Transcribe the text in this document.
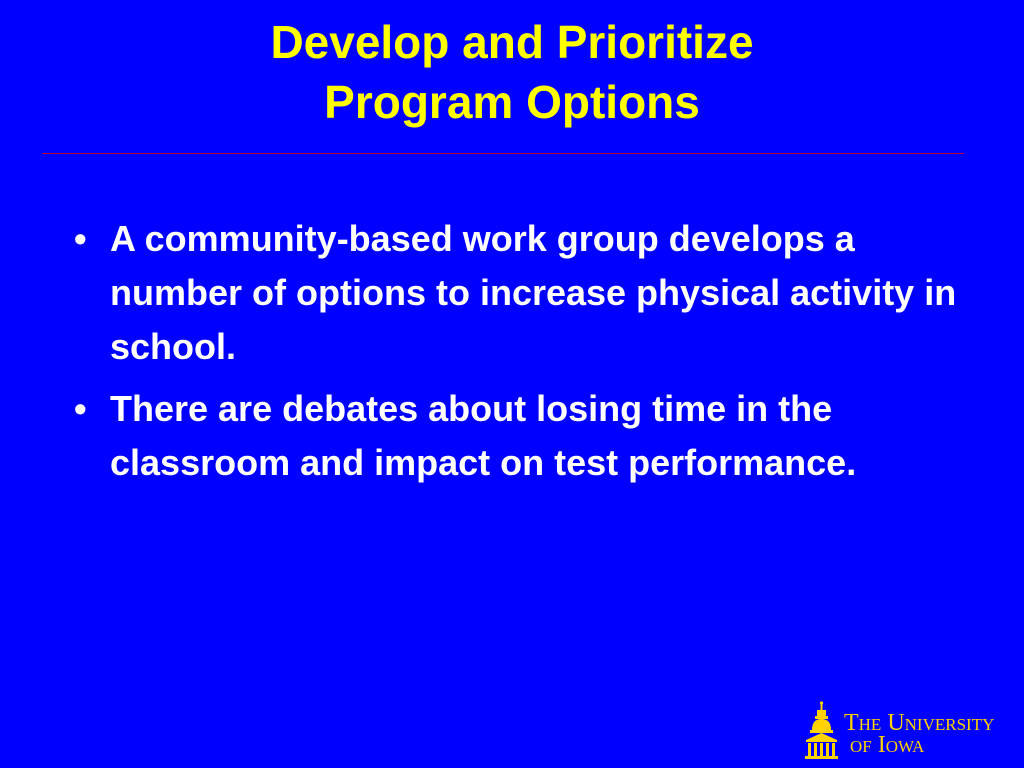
Develop and Prioritize
Program Options
• A community-based work group develops a number of options to increase physical activity in school.
• There are debates about losing time in the classroom and impact on test performance.
The University
of Iowa
